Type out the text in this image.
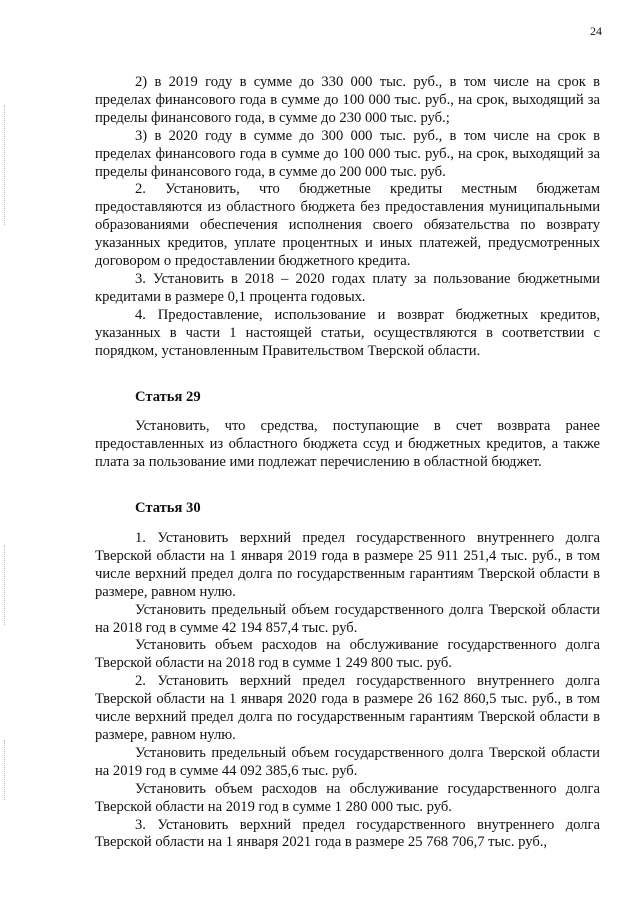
24

2) в 2019 году в сумме до 330 000 тыс. руб., в том числе на срок в пределах финансового года в сумме до 100 000 тыс. руб., на срок, выходящий за пределы финансового года, в сумме до 230 000 тыс. руб.;

3) в 2020 году в сумме до 300 000 тыс. руб., в том числе на срок в пределах финансового года в сумме до 100 000 тыс. руб., на срок, выходящий за пределы финансового года, в сумме до 200 000 тыс. руб.

2. Установить, что бюджетные кредиты местным бюджетам предоставляются из областного бюджета без предоставления муниципальными образованиями обеспечения исполнения своего обязательства по возврату указанных кредитов, уплате процентных и иных платежей, предусмотренных договором о предоставлении бюджетного кредита.

3. Установить в 2018 – 2020 годах плату за пользование бюджетными кредитами в размере 0,1 процента годовых.

4. Предоставление, использование и возврат бюджетных кредитов, указанных в части 1 настоящей статьи, осуществляются в соответствии с порядком, установленным Правительством Тверской области.

Статья 29

Установить, что средства, поступающие в счет возврата ранее предоставленных из областного бюджета ссуд и бюджетных кредитов, а также плата за пользование ими подлежат перечислению в областной бюджет.

Статья 30

1. Установить верхний предел государственного внутреннего долга Тверской области на 1 января 2019 года в размере 25 911 251,4 тыс. руб., в том числе верхний предел долга по государственным гарантиям Тверской области в размере, равном нулю.

Установить предельный объем государственного долга Тверской области на 2018 год в сумме 42 194 857,4 тыс. руб.

Установить объем расходов на обслуживание государственного долга Тверской области на 2018 год в сумме 1 249 800 тыс. руб.

2. Установить верхний предел государственного внутреннего долга Тверской области на 1 января 2020 года в размере 26 162 860,5 тыс. руб., в том числе верхний предел долга по государственным гарантиям Тверской области в размере, равном нулю.

Установить предельный объем государственного долга Тверской области на 2019 год в сумме 44 092 385,6 тыс. руб.

Установить объем расходов на обслуживание государственного долга Тверской области на 2019 год в сумме 1 280 000 тыс. руб.

3. Установить верхний предел государственного внутреннего долга Тверской области на 1 января 2021 года в размере 25 768 706,7 тыс. руб.,
